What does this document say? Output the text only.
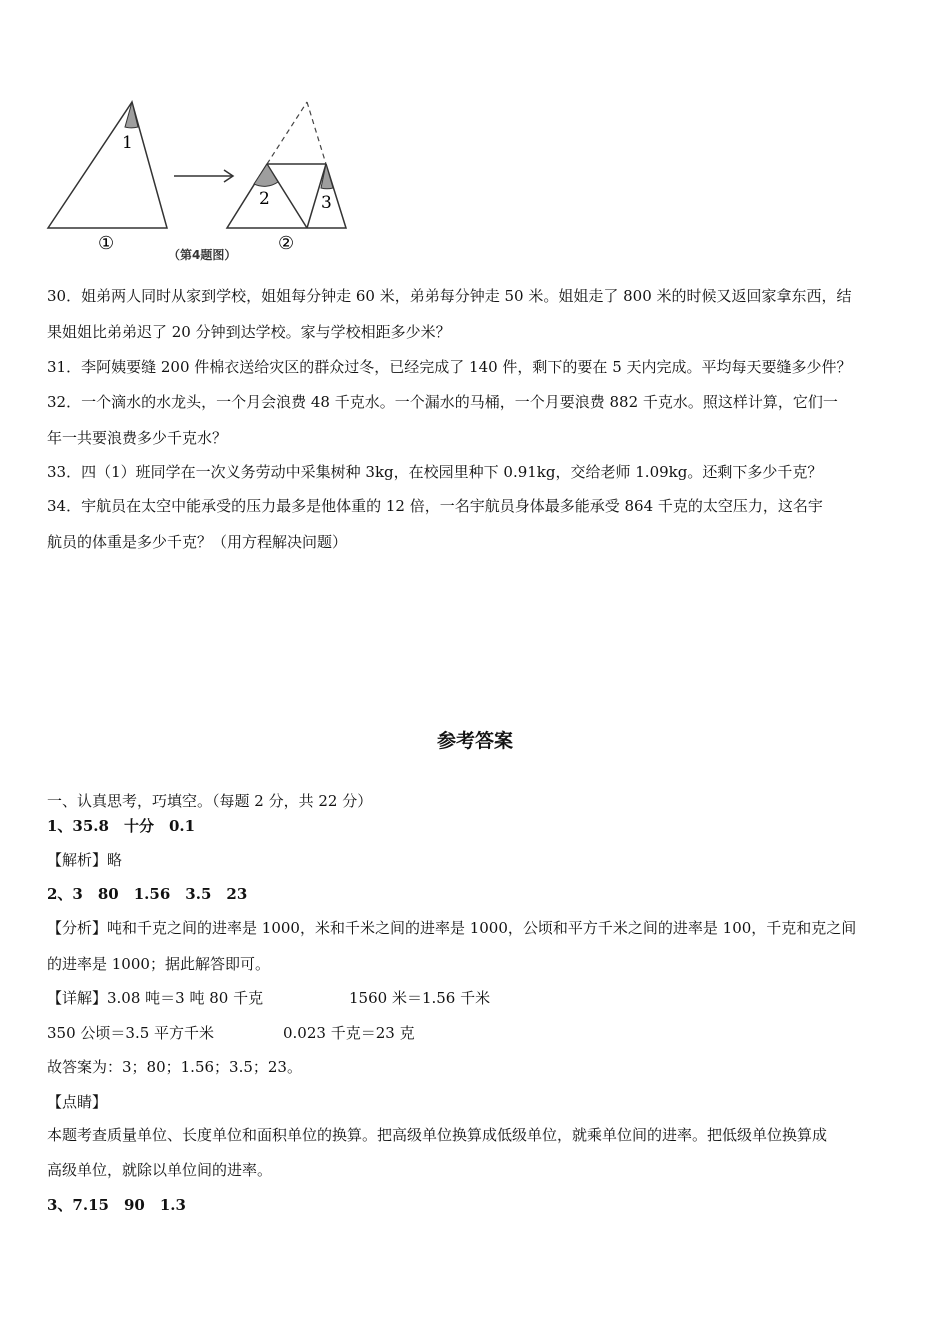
1
2	3
①
（第4题图）
②
30．姐弟两人同时从家到学校，姐姐每分钟走 60 米，弟弟每分钟走 50 米。姐姐走了 800 米的时候又返回家拿东西，结
果姐姐比弟弟迟了 20 分钟到达学校。家与学校相距多少米？
31．李阿姨要缝 200 件棉衣送给灾区的群众过冬，已经完成了 140 件，剩下的要在 5 天内完成。平均每天要缝多少件？
32．一个滴水的水龙头，一个月会浪费 48 千克水。一个漏水的马桶，一个月要浪费 882 千克水。照这样计算，它们一
年一共要浪费多少千克水？
33．四（1）班同学在一次义务劳动中采集树种 3kg，在校园里种下 0.91kg，交给老师 1.09kg。还剩下多少千克？
34．宇航员在太空中能承受的压力最多是他体重的 12 倍，一名宇航员身体最多能承受 864 千克的太空压力，这名宇
航员的体重是多少千克？（用方程解决问题）
参考答案
一、认真思考，巧填空。（每题 2 分，共 22 分）
1、35.8　十分　0.1
【解析】略
2、3　80　1.56　3.5　23
【分析】吨和千克之间的进率是 1000，米和千米之间的进率是 1000，公顷和平方千米之间的进率是 100，千克和克之间
的进率是 1000；据此解答即可。
【详解】3.08 吨＝3 吨 80 千克	1560 米＝1.56 千米
350 公顷＝3.5 平方千米	0.023 千克＝23 克
故答案为：3；80；1.56；3.5；23。
【点睛】
本题考查质量单位、长度单位和面积单位的换算。把高级单位换算成低级单位，就乘单位间的进率。把低级单位换算成
高级单位，就除以单位间的进率。
3、7.15　90　1.3
